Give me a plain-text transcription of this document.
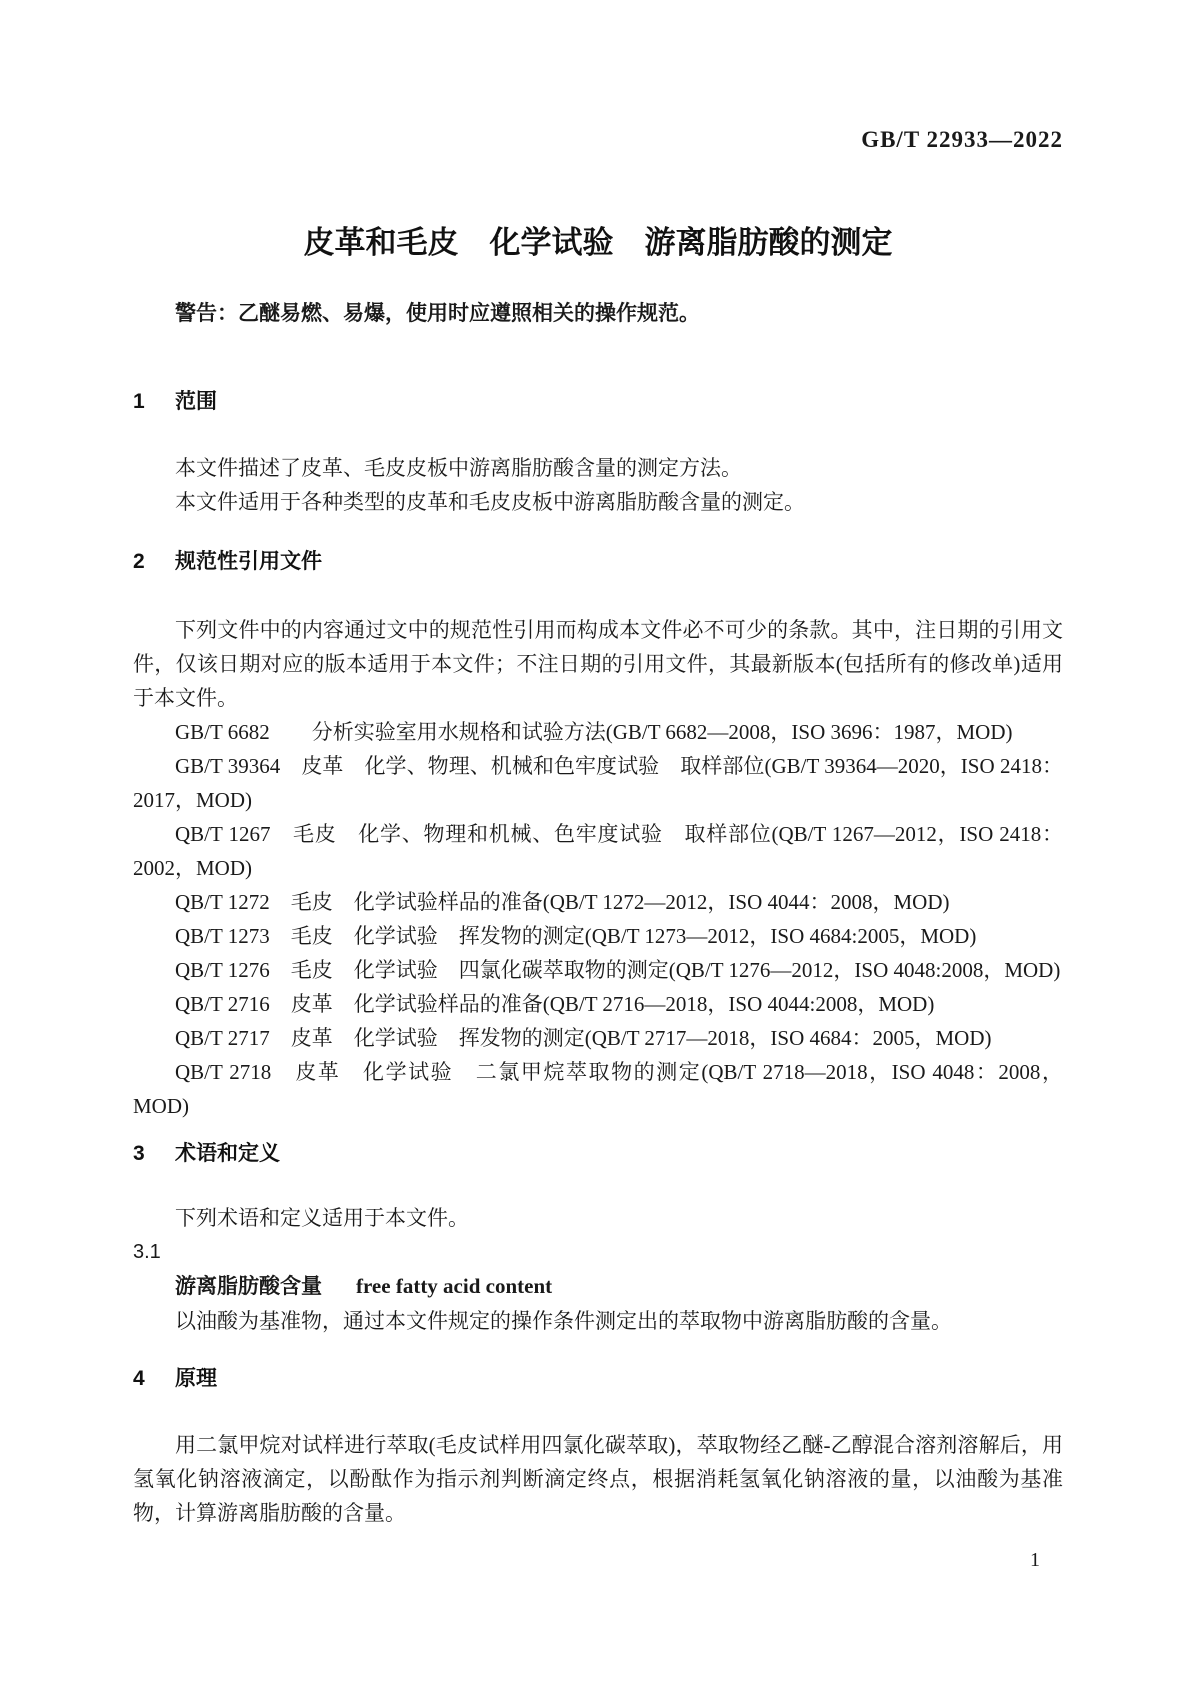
GB/T 22933—2022
皮革和毛皮　化学试验　游离脂肪酸的测定

警告：乙醚易燃、易爆，使用时应遵照相关的操作规范。

1 范围

本文件描述了皮革、毛皮皮板中游离脂肪酸含量的测定方法。

本文件适用于各种类型的皮革和毛皮皮板中游离脂肪酸含量的测定。

2 规范性引用文件

下列文件中的内容通过文中的规范性引用而构成本文件必不可少的条款。其中，注日期的引用文件，仅该日期对应的版本适用于本文件；不注日期的引用文件，其最新版本(包括所有的修改单)适用于本文件。

GB/T 6682　　分析实验室用水规格和试验方法(GB/T 6682—2008，ISO 3696：1987，MOD)

GB/T 39364　皮革　化学、物理、机械和色牢度试验　取样部位(GB/T 39364—2020，ISO 2418：2017，MOD)

QB/T 1267　毛皮　化学、物理和机械、色牢度试验　取样部位(QB/T 1267—2012，ISO 2418：2002，MOD)

QB/T 1272　毛皮　化学试验样品的准备(QB/T 1272—2012，ISO 4044：2008，MOD)

QB/T 1273　毛皮　化学试验　挥发物的测定(QB/T 1273—2012，ISO 4684:2005，MOD)

QB/T 1276　毛皮　化学试验　四氯化碳萃取物的测定(QB/T 1276—2012，ISO 4048:2008，MOD)

QB/T 2716　皮革　化学试验样品的准备(QB/T 2716—2018，ISO 4044:2008，MOD)

QB/T 2717　皮革　化学试验　挥发物的测定(QB/T 2717—2018，ISO 4684：2005，MOD)

QB/T 2718　皮革　化学试验　二氯甲烷萃取物的测定(QB/T 2718—2018，ISO 4048：2008，MOD)

3 术语和定义

下列术语和定义适用于本文件。

3.1

游离脂肪酸含量 free fatty acid content

以油酸为基准物，通过本文件规定的操作条件测定出的萃取物中游离脂肪酸的含量。

4 原理

用二氯甲烷对试样进行萃取(毛皮试样用四氯化碳萃取)，萃取物经乙醚-乙醇混合溶剂溶解后，用氢氧化钠溶液滴定，以酚酞作为指示剂判断滴定终点，根据消耗氢氧化钠溶液的量，以油酸为基准物，计算游离脂肪酸的含量。

1
